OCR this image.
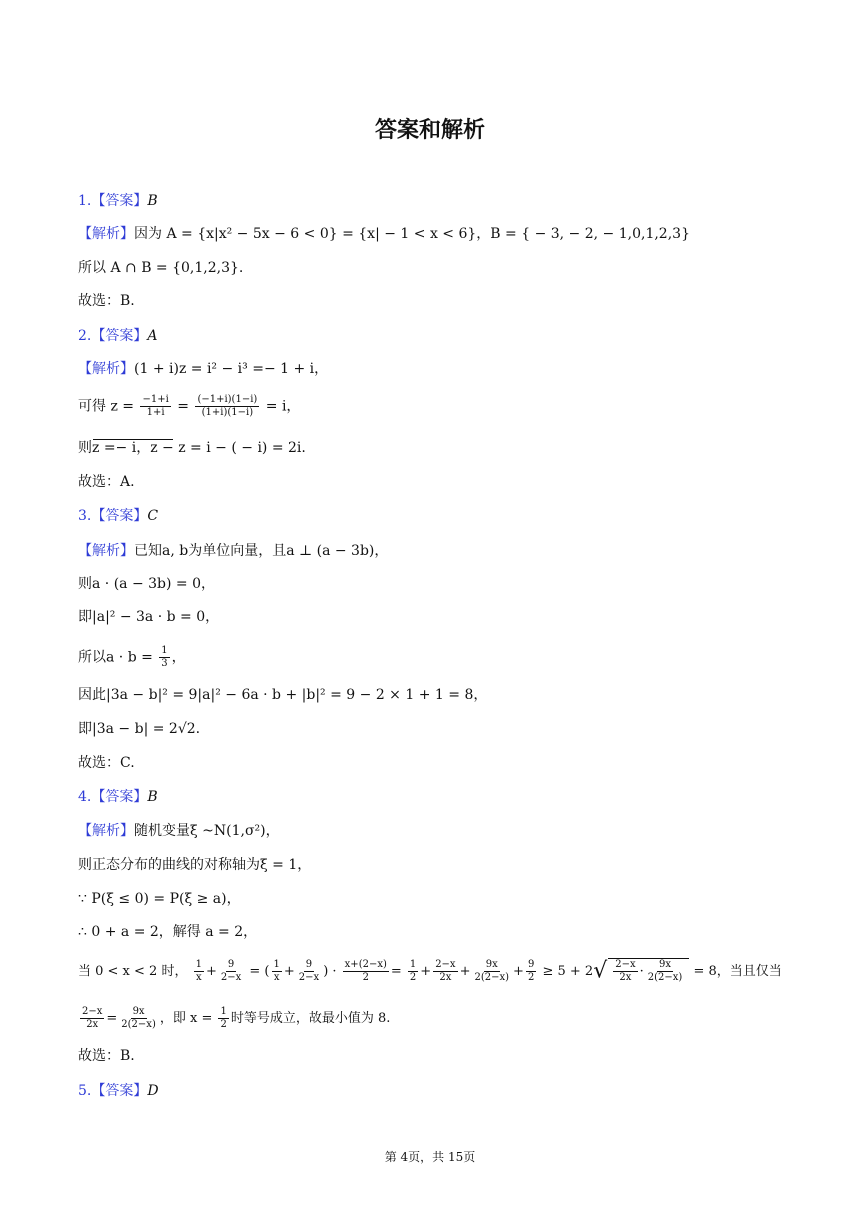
答案和解析
1.【答案】B
【解析】因为 A = {x|x² − 5x − 6 < 0} = {x| − 1 < x < 6}，B = { − 3, − 2, − 1,0,1,2,3}
所以 A ∩ B = {0,1,2,3}.
故选：B.
2.【答案】A
【解析】(1 + i)z = i² − i³ =− 1 + i，
可得 $z = \frac{-1+i}{1+i} = \frac{(-1+i)(1-i)}{(1+i)(1-i)} = i$，
则z =− i，z − z = i − ( − i) = 2i.
故选：A.
3.【答案】C
【解析】已知a, b为单位向量，且a ⊥ (a − 3b)，
则a · (a − 3b) = 0，
即|a|² − 3a · b = 0，
所以$a \cdot b = \frac{1}{3}$ ，
因此|3a − b|² = 9|a|² − 6a · b + |b|² = 9 − 2 × 1 + 1 = 8，
即|3a − b| = 2√2.
故选：C.
4.【答案】B
【解析】随机变量ξ ~N(1,σ²)，
则正态分布的曲线的对称轴为ξ = 1，
∵ P(ξ ≤ 0) = P(ξ ≥ a)，
∴ 0 + a = 2，解得 a = 2，
当 0 < x < 2 时， $\frac{1}{x} + \frac{9}{2-x}$ = ( $\frac{1}{x} + \frac{9}{2-x}$ ) · $\frac{x+(2-x)}{2} = \frac{1}{2} + \frac{2-x}{2x} + \frac{9x}{2(2-x)} + \frac{9}{2} \ge 5 + 2√ \frac{2-x}{2x} \cdot \frac{9x}{2(2-x)} = 8$，当且仅当
$\frac{2-x}{2x} = \frac{9x}{2(2-x)}$ ，即 $x = \frac{1}{2}$ 时等号成立，故最小值为 8.
故选：B.
5.【答案】D
第 4页，共 15页
